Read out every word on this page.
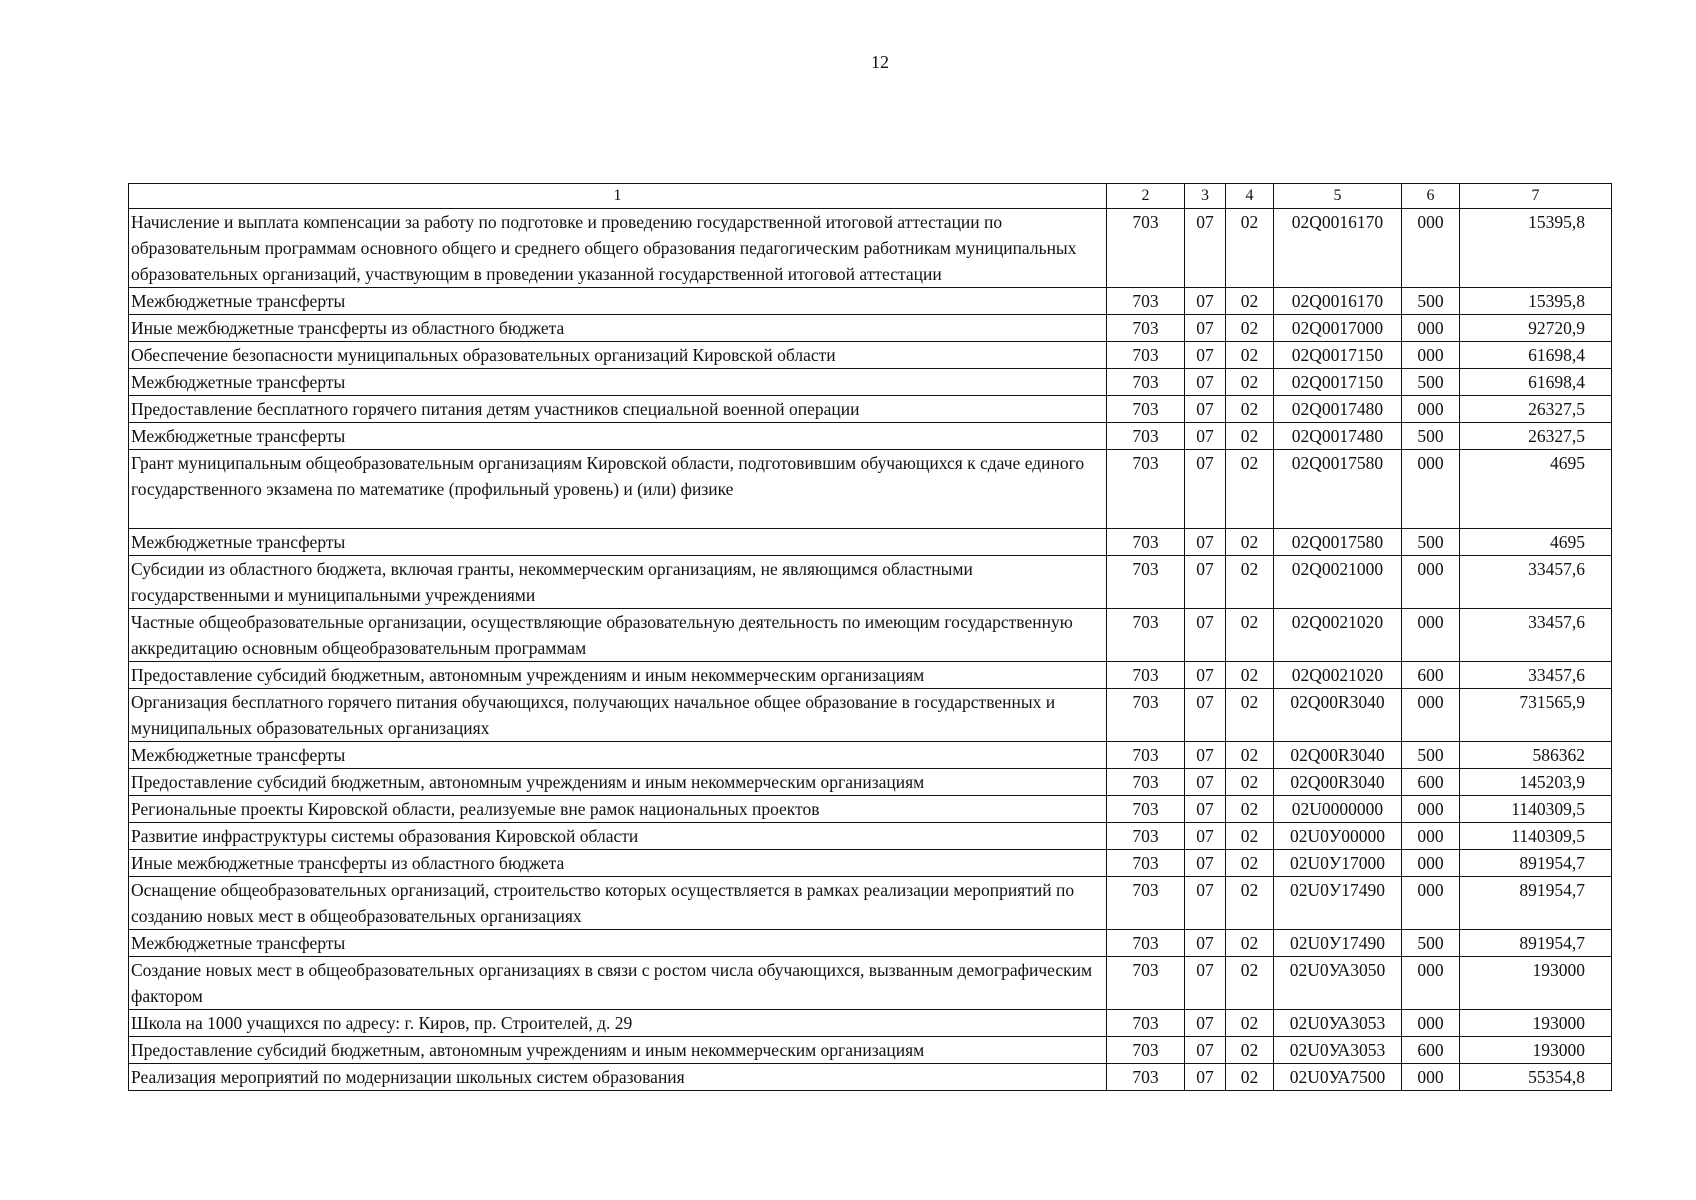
12
1	2	3	4	5	6	7
Начисление и выплата компенсации за работу по подготовке и проведению государственной итоговой аттестации по образовательным программам основного общего и среднего общего образования педагогическим работникам муниципальных образовательных организаций, участвующим в проведении указанной государственной итоговой аттестации	703	07	02	02Q0016170	000	15395,8
Межбюджетные трансферты	703	07	02	02Q0016170	500	15395,8
Иные межбюджетные трансферты из областного бюджета	703	07	02	02Q0017000	000	92720,9
Обеспечение безопасности муниципальных образовательных организаций Кировской области	703	07	02	02Q0017150	000	61698,4
Межбюджетные трансферты	703	07	02	02Q0017150	500	61698,4
Предоставление бесплатного горячего питания детям участников специальной военной операции	703	07	02	02Q0017480	000	26327,5
Межбюджетные трансферты	703	07	02	02Q0017480	500	26327,5
Грант муниципальным общеобразовательным организациям Кировской области, подготовившим обучающихся к сдаче единого государственного экзамена по математике (профильный уровень) и (или) физике	703	07	02	02Q0017580	000	4695
Межбюджетные трансферты	703	07	02	02Q0017580	500	4695
Субсидии из областного бюджета, включая гранты, некоммерческим организациям, не являющимся областными государственными и муниципальными учреждениями	703	07	02	02Q0021000	000	33457,6
Частные общеобразовательные организации, осуществляющие образовательную деятельность по имеющим государственную аккредитацию основным общеобразовательным программам	703	07	02	02Q0021020	000	33457,6
Предоставление субсидий бюджетным, автономным учреждениям и иным некоммерческим организациям	703	07	02	02Q0021020	600	33457,6
Организация бесплатного горячего питания обучающихся, получающих начальное общее образование в государственных и муниципальных образовательных организациях	703	07	02	02Q00R3040	000	731565,9
Межбюджетные трансферты	703	07	02	02Q00R3040	500	586362
Предоставление субсидий бюджетным, автономным учреждениям и иным некоммерческим организациям	703	07	02	02Q00R3040	600	145203,9
Региональные проекты Кировской области, реализуемые вне рамок национальных проектов	703	07	02	02U0000000	000	1140309,5
Развитие инфраструктуры системы образования Кировской области	703	07	02	02U0У00000	000	1140309,5
Иные межбюджетные трансферты из областного бюджета	703	07	02	02U0У17000	000	891954,7
Оснащение общеобразовательных организаций, строительство которых осуществляется в рамках реализации мероприятий по созданию новых мест в общеобразовательных организациях	703	07	02	02U0У17490	000	891954,7
Межбюджетные трансферты	703	07	02	02U0У17490	500	891954,7
Создание новых мест в общеобразовательных организациях в связи с ростом числа обучающихся, вызванным демографическим фактором	703	07	02	02U0УА3050	000	193000
Школа на 1000 учащихся по адресу: г. Киров, пр. Строителей, д. 29	703	07	02	02U0УА3053	000	193000
Предоставление субсидий бюджетным, автономным учреждениям и иным некоммерческим организациям	703	07	02	02U0УА3053	600	193000
Реализация мероприятий по модернизации школьных систем образования	703	07	02	02U0УА7500	000	55354,8
